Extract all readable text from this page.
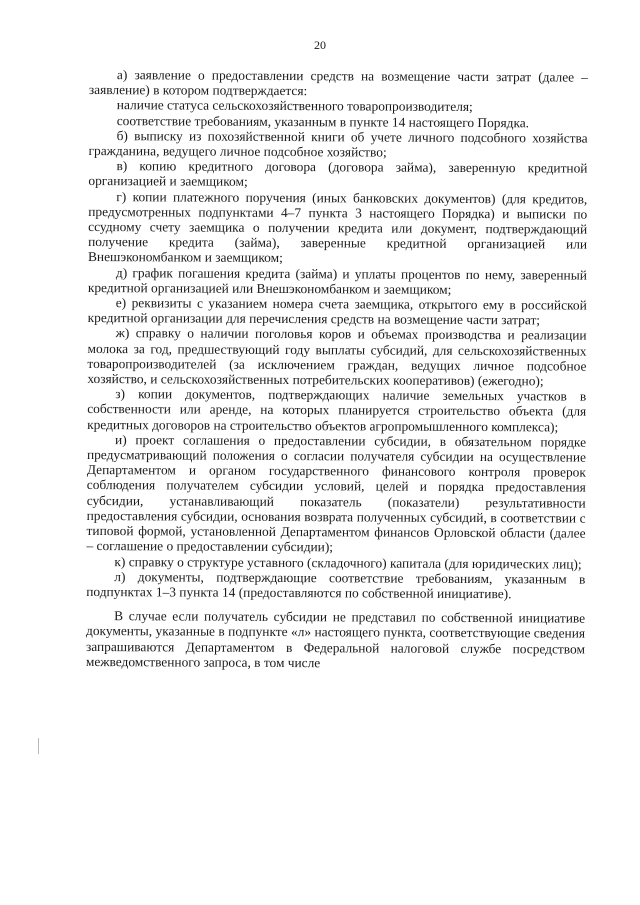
20

а) заявление о предоставлении средств на возмещение части затрат (далее – заявление) в котором подтверждается:

наличие статуса сельскохозяйственного товаропроизводителя;

соответствие требованиям, указанным в пункте 14 настоящего Порядка.

б) выписку из похозяйственной книги об учете личного подсобного хозяйства гражданина, ведущего личное подсобное хозяйство;

в) копию кредитного договора (договора займа), заверенную кредитной организацией и заемщиком;

г) копии платежного поручения (иных банковских документов) (для кредитов, предусмотренных подпунктами 4–7 пункта 3 настоящего Порядка) и выписки по ссудному счету заемщика о получении кредита или документ, подтверждающий получение кредита (займа), заверенные кредитной организацией или Внешэкономбанком и заемщиком;

д) график погашения кредита (займа) и уплаты процентов по нему, заверенный кредитной организацией или Внешэкономбанком и заемщиком;

е) реквизиты с указанием номера счета заемщика, открытого ему в российской кредитной организации для перечисления средств на возмещение части затрат;

ж) справку о наличии поголовья коров и объемах производства и реализации молока за год, предшествующий году выплаты субсидий, для сельскохозяйственных товаропроизводителей (за исключением граждан, ведущих личное подсобное хозяйство, и сельскохозяйственных потребительских кооперативов) (ежегодно);

з) копии документов, подтверждающих наличие земельных участков в собственности или аренде, на которых планируется строительство объекта (для кредитных договоров на строительство объектов агропромышленного комплекса);

и) проект соглашения о предоставлении субсидии, в обязательном порядке предусматривающий положения о согласии получателя субсидии на осуществление Департаментом и органом государственного финансового контроля проверок соблюдения получателем субсидии условий, целей и порядка предоставления субсидии, устанавливающий показатель (показатели) результативности предоставления субсидии, основания возврата полученных субсидий, в соответствии с типовой формой, установленной Департаментом финансов Орловской области (далее – соглашение о предоставлении субсидии);

к) справку о структуре уставного (складочного) капитала (для юридических лиц);

л) документы, подтверждающие соответствие требованиям, указанным в подпунктах 1–3 пункта 14 (предоставляются по собственной инициативе).

В случае если получатель субсидии не представил по собственной инициативе документы, указанные в подпункте «л» настоящего пункта, соответствующие сведения запрашиваются Департаментом в Федеральной налоговой службе посредством межведомственного запроса, в том числе
